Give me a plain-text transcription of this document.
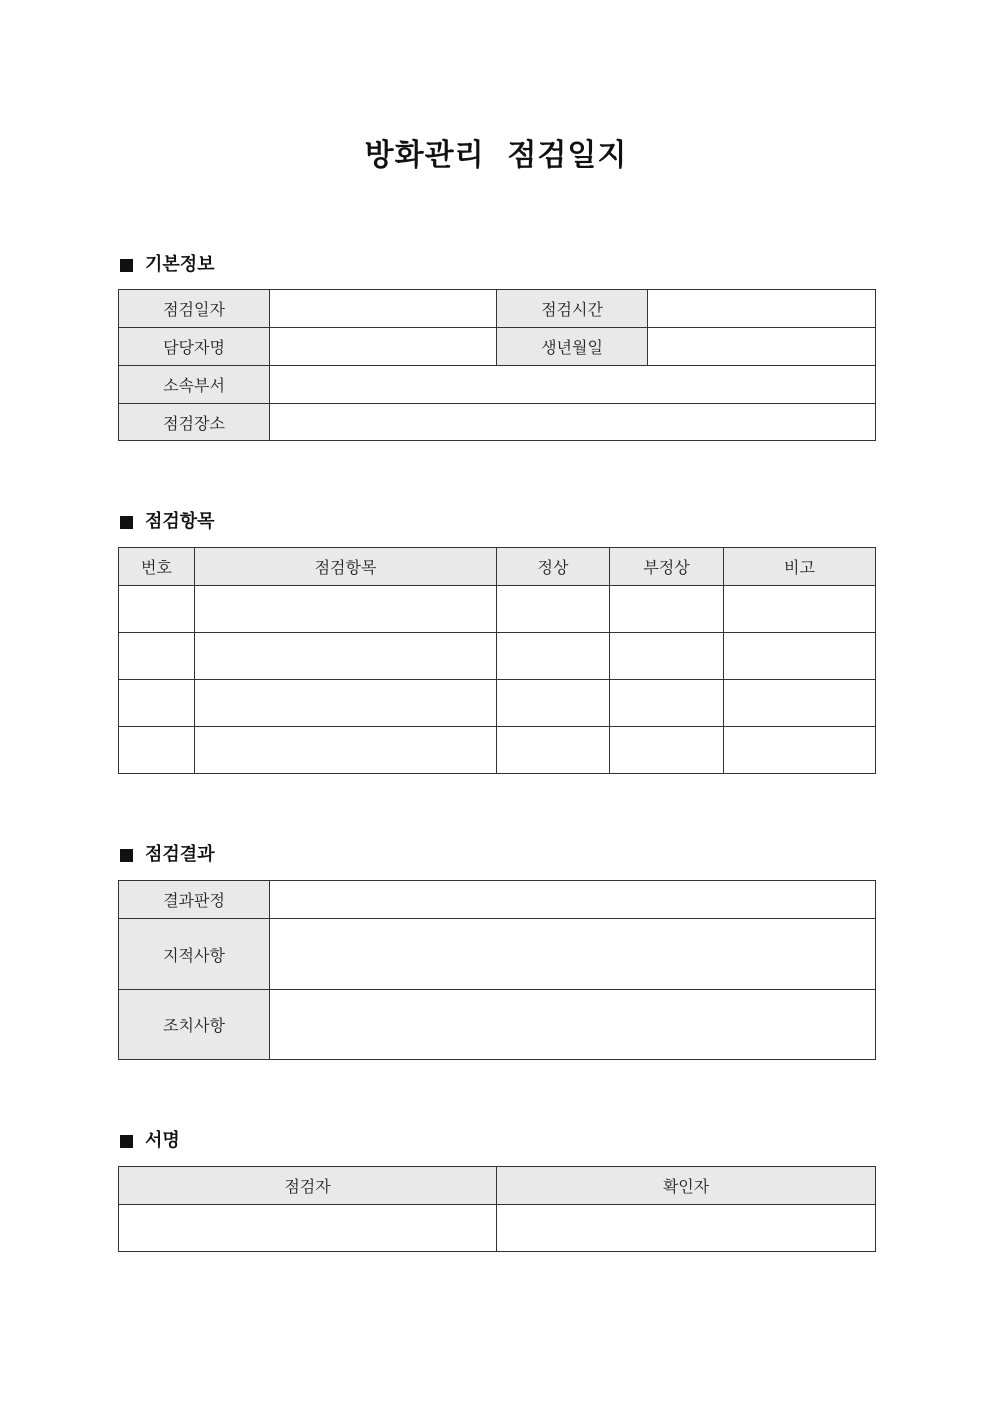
방화관리  점검일지
기본정보
점검일자		점검시간	
담당자명		생년월일	
소속부서			
점검장소			
점검항목
번호	점검항목	정상	부정상	비고

점검결과
결과판정	
지적사항	
조치사항	
서명
점검자	확인자
